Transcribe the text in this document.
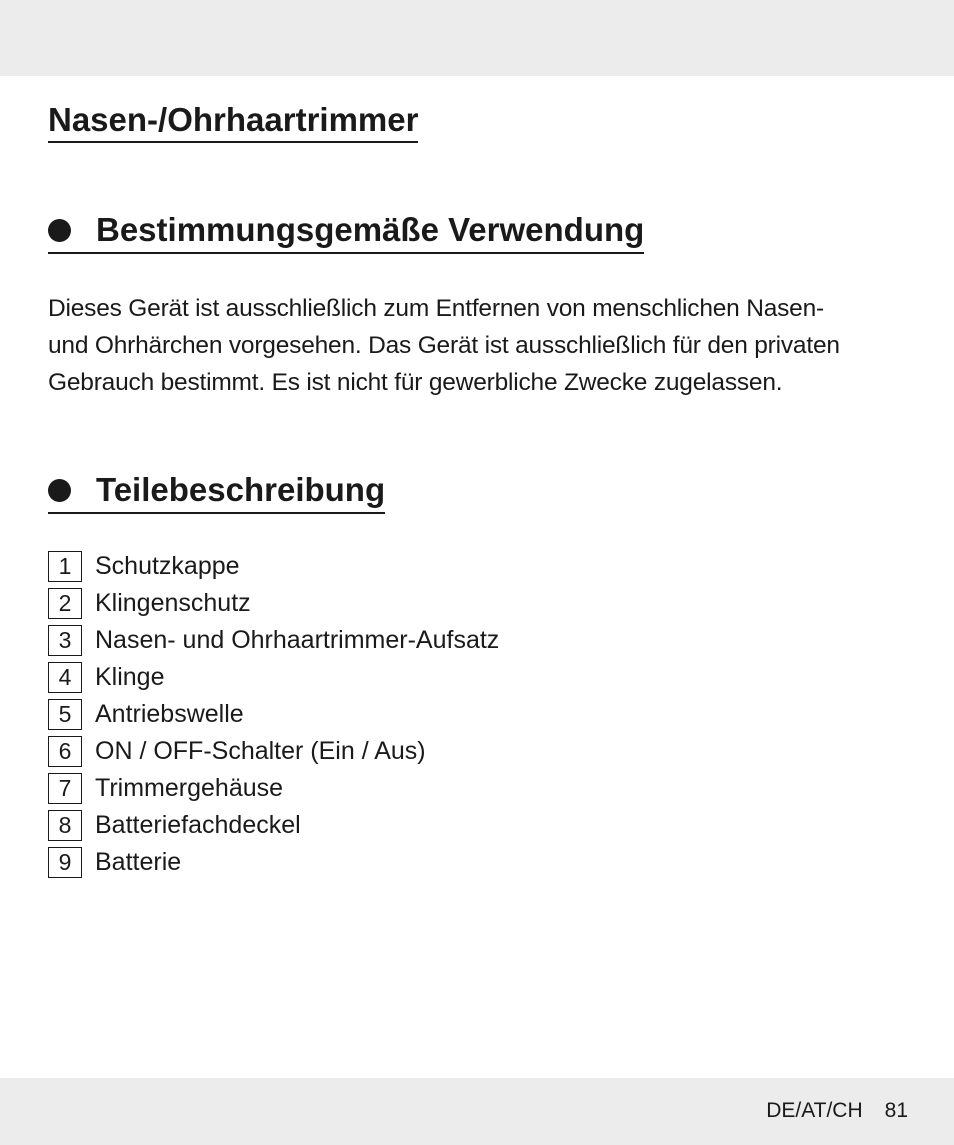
Nasen-/Ohrhaartrimmer
Bestimmungsgemäße Verwendung

Dieses Gerät ist ausschließlich zum Entfernen von menschlichen Nasen-
und Ohrhärchen vorgesehen. Das Gerät ist ausschließlich für den privaten
Gebrauch bestimmt. Es ist nicht für gewerbliche Zwecke zugelassen.

Teilebeschreibung
1 Schutzkappe
2 Klingenschutz
3 Nasen- und Ohrhaartrimmer-Aufsatz
4 Klinge
5 Antriebswelle
6 ON / OFF-Schalter (Ein / Aus)
7 Trimmergehäuse
8 Batteriefachdeckel
9 Batterie
DE/AT/CH 81
